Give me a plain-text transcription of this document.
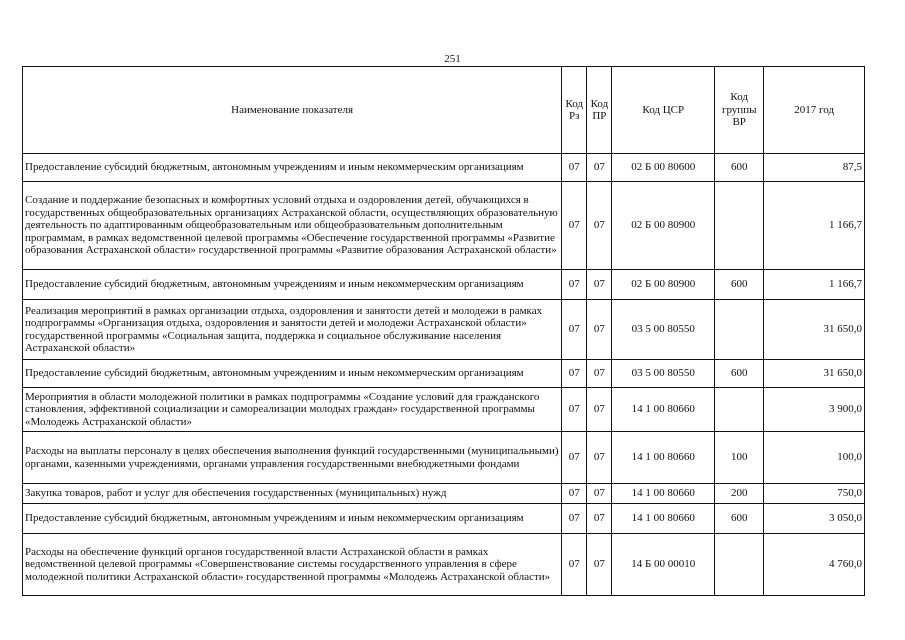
251
Наименование показателя	Код Рз	Код ПР	Код ЦСР	Код группы ВР	2017 год
Предоставление субсидий бюджетным, автономным учреждениям и иным некоммерческим организациям	07	07	02 Б 00 80600	600	87,5
Создание и поддержание безопасных и комфортных условий отдыха и оздоровления детей, обучающихся в государственных общеобразовательных организациях Астраханской области, осуществляющих образовательную деятельность по адаптированным общеобразовательным или общеобразовательным дополнительным программам, в рамках ведомственной целевой программы «Обеспечение государственной программы «Развитие образования Астраханской области» государственной программы «Развитие образования Астраханской области»	07	07	02 Б 00 80900		1 166,7
Предоставление субсидий бюджетным, автономным учреждениям и иным некоммерческим организациям	07	07	02 Б 00 80900	600	1 166,7
Реализация мероприятий в рамках организации отдыха, оздоровления и занятости детей и молодежи в рамках подпрограммы «Организация отдыха, оздоровления и занятости детей и молодежи Астраханской области» государственной программы «Социальная защита, поддержка и социальное обслуживание населения Астраханской области»	07	07	03 5 00 80550		31 650,0
Предоставление субсидий бюджетным, автономным учреждениям и иным некоммерческим организациям	07	07	03 5 00 80550	600	31 650,0
Мероприятия в области молодежной политики в рамках подпрограммы «Создание условий для гражданского становления, эффективной социализации и самореализации молодых граждан» государственной программы «Молодежь Астраханской области»	07	07	14 1 00 80660		3 900,0
Расходы на выплаты персоналу в целях обеспечения выполнения функций государственными (муниципальными) органами, казенными учреждениями, органами управления государственными внебюджетными фондами	07	07	14 1 00 80660	100	100,0
Закупка товаров, работ и услуг для обеспечения государственных (муниципальных) нужд	07	07	14 1 00 80660	200	750,0
Предоставление субсидий бюджетным, автономным учреждениям и иным некоммерческим организациям	07	07	14 1 00 80660	600	3 050,0
Расходы на обеспечение функций органов государственной власти Астраханской области в рамках ведомственной целевой программы «Совершенствование системы государственного управления в сфере молодежной политики Астраханской области» государственной программы «Молодежь Астраханской области»	07	07	14 Б 00 00010		4 760,0
